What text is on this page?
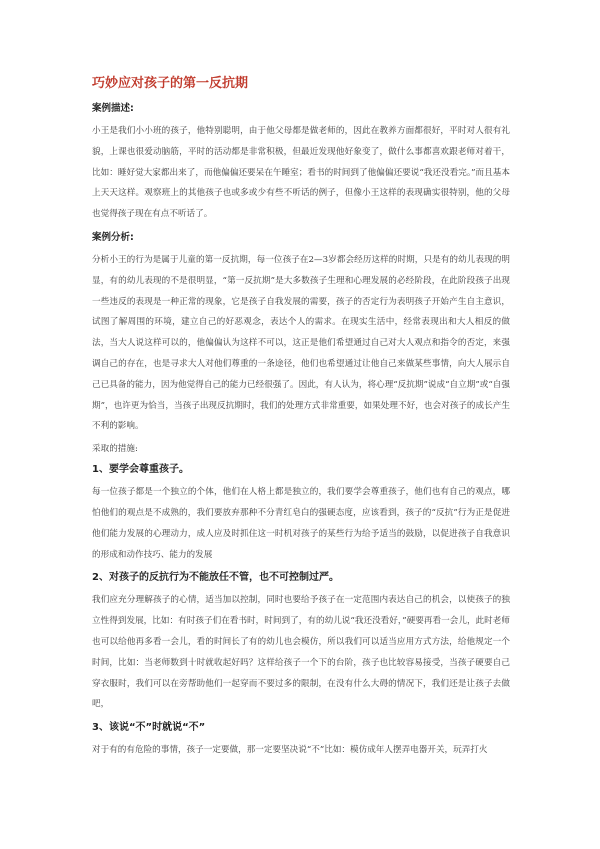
巧妙应对孩子的第一反抗期
案例描述:

小王是我们小小班的孩子，他特别聪明，由于他父母都是做老师的，因此在教养方面都很好，平时对人很有礼貌，上课也很爱动脑筋，平时的活动都是非常积极，但最近发现他好象变了，做什么事都喜欢跟老师对着干，比如：睡好觉大家都出来了，而他偏偏还要呆在午睡室；看书的时间到了他偏偏还要说“我还没看完。”而且基本上天天这样。观察班上的其他孩子也或多或少有些不听话的例子，但像小王这样的表现确实很特别，他的父母也觉得孩子现在有点不听话了。

案例分析:

分析小王的行为是属于儿童的第一反抗期，每一位孩子在2—3岁都会经历这样的时期，只是有的幼儿表现的明显，有的幼儿表现的不是很明显，“第一反抗期”是大多数孩子生理和心理发展的必经阶段，在此阶段孩子出现一些违反的表现是一种正常的现象，它是孩子自我发展的需要，孩子的否定行为表明孩子开始产生自主意识，试图了解周围的环境，建立自己的好恶观念，表达个人的需求。在现实生活中，经常表现出和大人相反的做法，当大人说这样可以的，他偏偏认为这样不可以，这正是他们希望通过自己对大人观点和指令的否定，来强调自己的存在，也是寻求大人对他们尊重的一条途径，他们也希望通过让他自己来做某些事情，向大人展示自己已具备的能力，因为他觉得自己的能力已经很强了。因此，有人认为，将心理“反抗期”说成“自立期”或“自强期”，也许更为恰当，当孩子出现反抗期时，我们的处理方式非常重要，如果处理不好，也会对孩子的成长产生不利的影响。

采取的措施:
1、要学会尊重孩子。

每一位孩子都是一个独立的个体，他们在人格上都是独立的，我们要学会尊重孩子，他们也有自己的观点，哪怕他们的观点是不成熟的，我们要放弃那种不分青红皂白的强硬态度，应该看到，孩子的“反抗”行为正是促进他们能力发展的心理动力，成人应及时抓住这一时机对孩子的某些行为给予适当的鼓励，以促进孩子自我意识的形成和动作技巧、能力的发展

2、对孩子的反抗行为不能放任不管，也不可控制过严。

我们应充分理解孩子的心情，适当加以控制，同时也要给予孩子在一定范围内表达自己的机会，以使孩子的独立性得到发展，比如：有时孩子们在看书时，时间到了，有的幼儿说“我还没看好，”硬要再看一会儿，此时老师也可以给他再多看一会儿，看的时间长了有的幼儿也会模仿，所以我们可以适当应用方式方法，给他规定一个时间，比如：当老师数到十时就收起好吗？这样给孩子一个下的台阶，孩子也比较容易接受，当孩子硬要自己穿衣服时，我们可以在旁帮助他们一起穿而不要过多的限制，在没有什么大碍的情况下，我们还是让孩子去做吧，

3、该说“不”时就说“不”

对于有的有危险的事情，孩子一定要做，那一定要坚决说“不”比如：模仿成年人摆弄电器开关，玩弄打火
